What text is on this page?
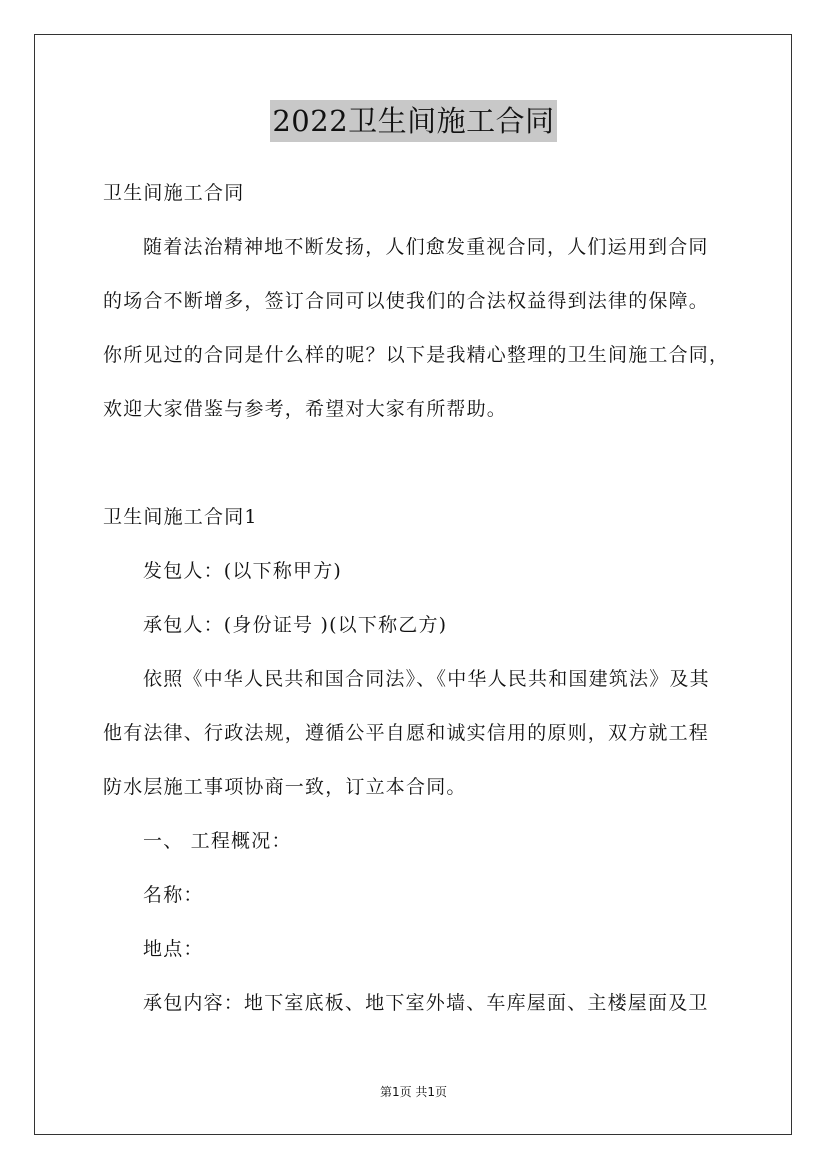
2022卫生间施工合同
卫生间施工合同
随着法治精神地不断发扬，人们愈发重视合同，人们运用到合同
的场合不断增多，签订合同可以使我们的合法权益得到法律的保障。
你所见过的合同是什么样的呢？以下是我精心整理的卫生间施工合同，
欢迎大家借鉴与参考，希望对大家有所帮助。
卫生间施工合同1
发包人：(以下称甲方)
承包人：(身份证号 )(以下称乙方)
依照《中华人民共和国合同法》、《中华人民共和国建筑法》及其
他有法律、行政法规，遵循公平自愿和诚实信用的原则，双方就工程
防水层施工事项协商一致，订立本合同。
一、 工程概况：
名称：
地点：
承包内容：地下室底板、地下室外墙、车库屋面、主楼屋面及卫
第1页 共1页
